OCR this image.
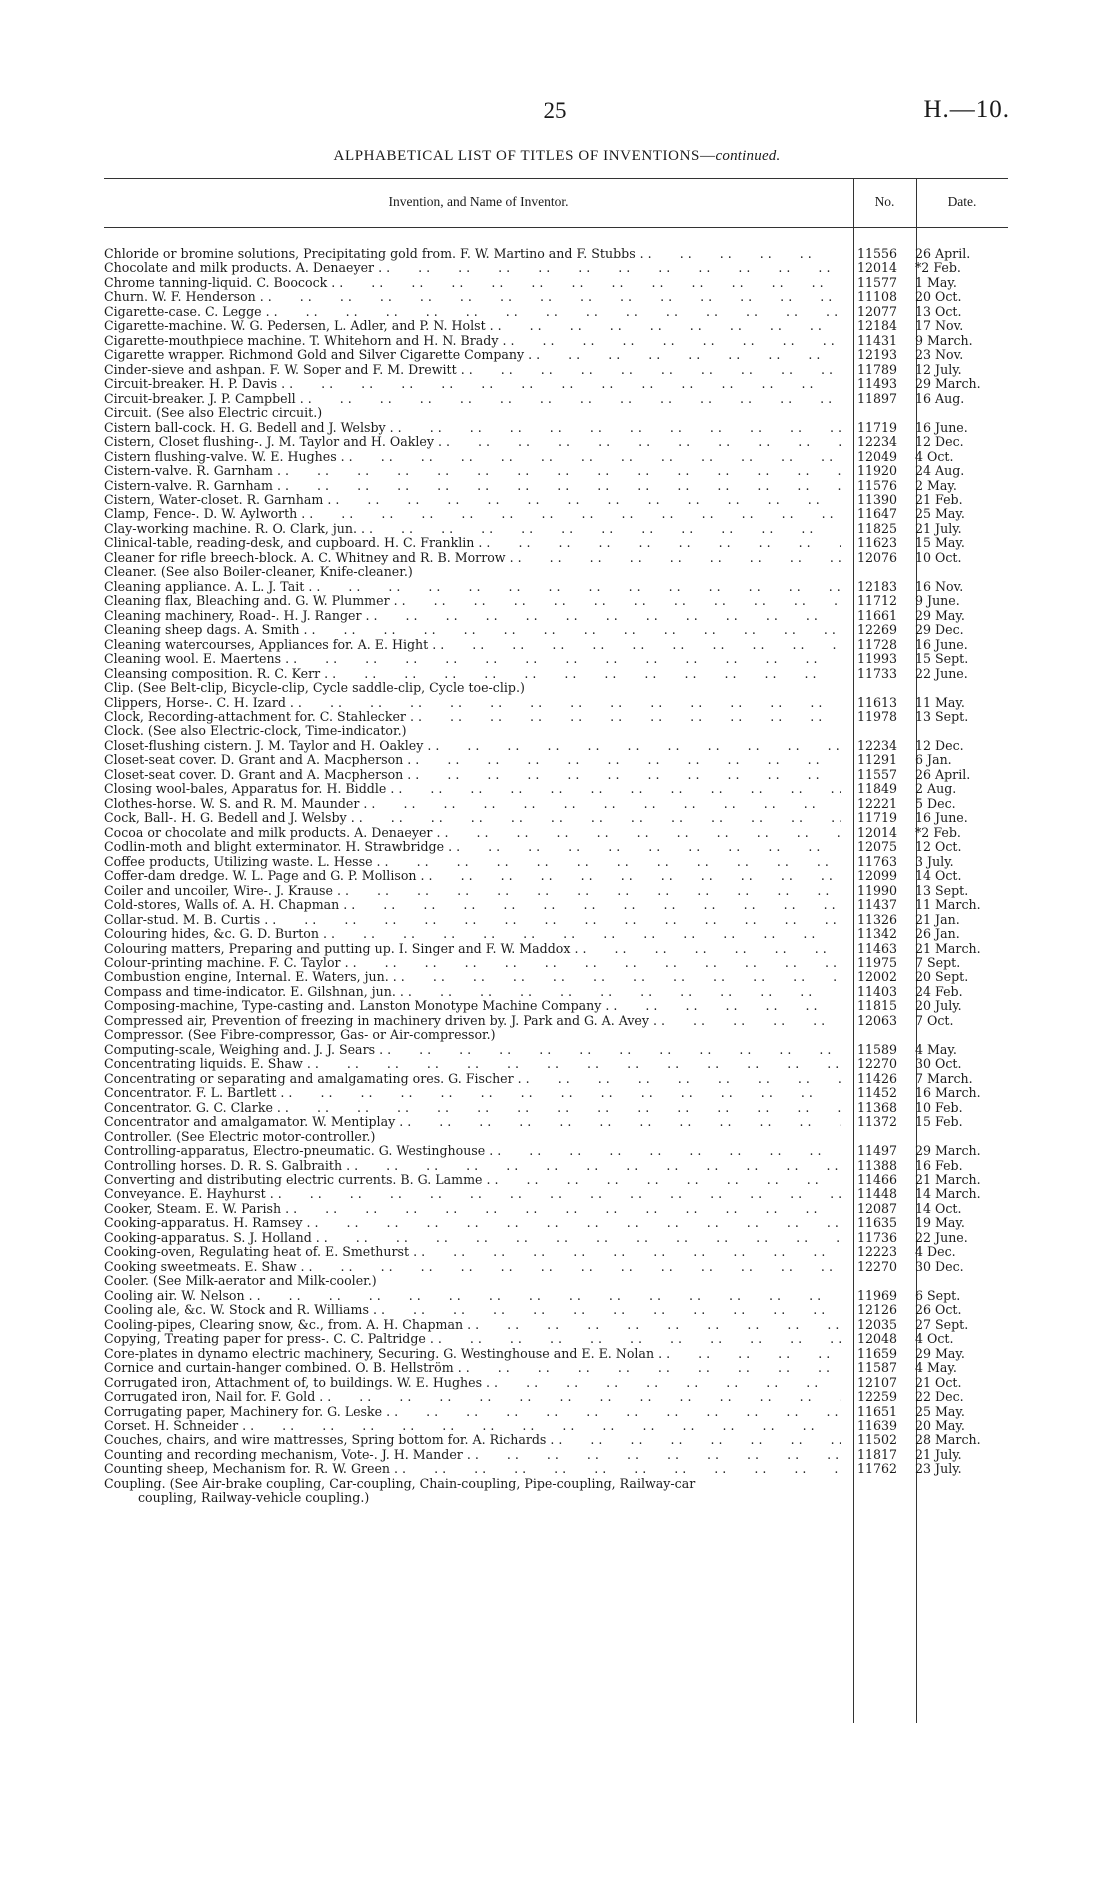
25	H.—10.
ALPHABETICAL LIST OF TITLES OF INVENTIONS—continued.
Invention, and Name of Inventor.	No.	Date.
Chloride or bromine solutions, Precipitating gold from. F. W. Martino and F. Stubbs . .	11556	26 April.
Chocolate and milk products. A. Denaeyer . .	12014	*2 Feb.
Chrome tanning-liquid. C. Boocock . .	11577	1 May.
Churn. W. F. Henderson . .	11108	20 Oct.
Cigarette-case. C. Legge . .	12077	13 Oct.
Cigarette-machine. W. G. Pedersen, L. Adler, and P. N. Holst . .	12184	17 Nov.
Cigarette-mouthpiece machine. T. Whitehorn and H. N. Brady . .	11431	9 March.
Cigarette wrapper. Richmond Gold and Silver Cigarette Company . .	12193	23 Nov.
Cinder-sieve and ashpan. F. W. Soper and F. M. Drewitt . .	11789	12 July.
Circuit-breaker. H. P. Davis . .	11493	29 March.
Circuit-breaker. J. P. Campbell . .	11897	16 Aug.
Circuit. (See also Electric circuit.)
Cistern ball-cock. H. G. Bedell and J. Welsby . .	11719	16 June.
Cistern, Closet flushing-. J. M. Taylor and H. Oakley . .	12234	12 Dec.
Cistern flushing-valve. W. E. Hughes . .	12049	4 Oct.
Cistern-valve. R. Garnham . .	11920	24 Aug.
Cistern-valve. R. Garnham . .	11576	2 May.
Cistern, Water-closet. R. Garnham . .	11390	21 Feb.
Clamp, Fence-. D. W. Aylworth . .	11647	25 May.
Clay-working machine. R. O. Clark, jun. . .	11825	21 July.
Clinical-table, reading-desk, and cupboard. H. C. Franklin . .	11623	15 May.
Cleaner for rifle breech-block. A. C. Whitney and R. B. Morrow . .	12076	10 Oct.
Cleaner. (See also Boiler-cleaner, Knife-cleaner.)
Cleaning appliance. A. L. J. Tait . .	12183	16 Nov.
Cleaning flax, Bleaching and. G. W. Plummer . .	11712	9 June.
Cleaning machinery, Road-. H. J. Ranger . .	11661	29 May.
Cleaning sheep dags. A. Smith . .	12269	29 Dec.
Cleaning watercourses, Appliances for. A. E. Hight . .	11728	16 June.
Cleaning wool. E. Maertens . .	11993	15 Sept.
Cleansing composition. R. C. Kerr . .	11733	22 June.
Clip. (See Belt-clip, Bicycle-clip, Cycle saddle-clip, Cycle toe-clip.)
Clippers, Horse-. C. H. Izard . .	11613	11 May.
Clock, Recording-attachment for. C. Stahlecker . .	11978	13 Sept.
Clock. (See also Electric-clock, Time-indicator.)
Closet-flushing cistern. J. M. Taylor and H. Oakley . .	12234	12 Dec.
Closet-seat cover. D. Grant and A. Macpherson . .	11291	6 Jan.
Closet-seat cover. D. Grant and A. Macpherson . .	11557	26 April.
Closing wool-bales, Apparatus for. H. Biddle . .	11849	2 Aug.
Clothes-horse. W. S. and R. M. Maunder . .	12221	5 Dec.
Cock, Ball-. H. G. Bedell and J. Welsby . .	11719	16 June.
Cocoa or chocolate and milk products. A. Denaeyer . .	12014	*2 Feb.
Codlin-moth and blight exterminator. H. Strawbridge . .	12075	12 Oct.
Coffee products, Utilizing waste. L. Hesse . .	11763	3 July.
Coffer-dam dredge. W. L. Page and G. P. Mollison . .	12099	14 Oct.
Coiler and uncoiler, Wire-. J. Krause . .	11990	13 Sept.
Cold-stores, Walls of. A. H. Chapman . .	11437	11 March.
Collar-stud. M. B. Curtis . .	11326	21 Jan.
Colouring hides, &c. G. D. Burton . .	11342	26 Jan.
Colouring matters, Preparing and putting up. I. Singer and F. W. Maddox . .	11463	21 March.
Colour-printing machine. F. C. Taylor . .	11975	7 Sept.
Combustion engine, Internal. E. Waters, jun. . .	12002	20 Sept.
Compass and time-indicator. E. Gilshnan, jun. . .	11403	24 Feb.
Composing-machine, Type-casting and. Lanston Monotype Machine Company . .	11815	20 July.
Compressed air, Prevention of freezing in machinery driven by. J. Park and G. A. Avey . .	12063	7 Oct.
Compressor. (See Fibre-compressor, Gas- or Air-compressor.)
Computing-scale, Weighing and. J. J. Sears . .	11589	4 May.
Concentrating liquids. E. Shaw . .	12270	30 Oct.
Concentrating or separating and amalgamating ores. G. Fischer . .	11426	7 March.
Concentrator. F. L. Bartlett . .	11452	16 March.
Concentrator. G. C. Clarke . .	11368	10 Feb.
Concentrator and amalgamator. W. Mentiplay . .	11372	15 Feb.
Controller. (See Electric motor-controller.)
Controlling-apparatus, Electro-pneumatic. G. Westinghouse . .	11497	29 March.
Controlling horses. D. R. S. Galbraith . .	11388	16 Feb.
Converting and distributing electric currents. B. G. Lamme . .	11466	21 March.
Conveyance. E. Hayhurst . .	11448	14 March.
Cooker, Steam. E. W. Parish . .	12087	14 Oct.
Cooking-apparatus. H. Ramsey . .	11635	19 May.
Cooking-apparatus. S. J. Holland . .	11736	22 June.
Cooking-oven, Regulating heat of. E. Smethurst . .	12223	4 Dec.
Cooking sweetmeats. E. Shaw . .	12270	30 Dec.
Cooler. (See Milk-aerator and Milk-cooler.)
Cooling air. W. Nelson . .	11969	6 Sept.
Cooling ale, &c. W. Stock and R. Williams . .	12126	26 Oct.
Cooling-pipes, Clearing snow, &c., from. A. H. Chapman . .	12035	27 Sept.
Copying, Treating paper for press-. C. C. Paltridge . .	12048	4 Oct.
Core-plates in dynamo electric machinery, Securing. G. Westinghouse and E. E. Nolan . .	11659	29 May.
Cornice and curtain-hanger combined. O. B. Hellström . .	11587	4 May.
Corrugated iron, Attachment of, to buildings. W. E. Hughes . .	12107	21 Oct.
Corrugated iron, Nail for. F. Gold . .	12259	22 Dec.
Corrugating paper, Machinery for. G. Leske . .	11651	25 May.
Corset. H. Schneider . .	11639	20 May.
Couches, chairs, and wire mattresses, Spring bottom for. A. Richards . .	11502	28 March.
Counting and recording mechanism, Vote-. J. H. Mander . .	11817	21 July.
Counting sheep, Mechanism for. R. W. Green . .	11762	23 July.
Coupling. (See Air-brake coupling, Car-coupling, Chain-coupling, Pipe-coupling, Railway-car
coupling, Railway-vehicle coupling.)
